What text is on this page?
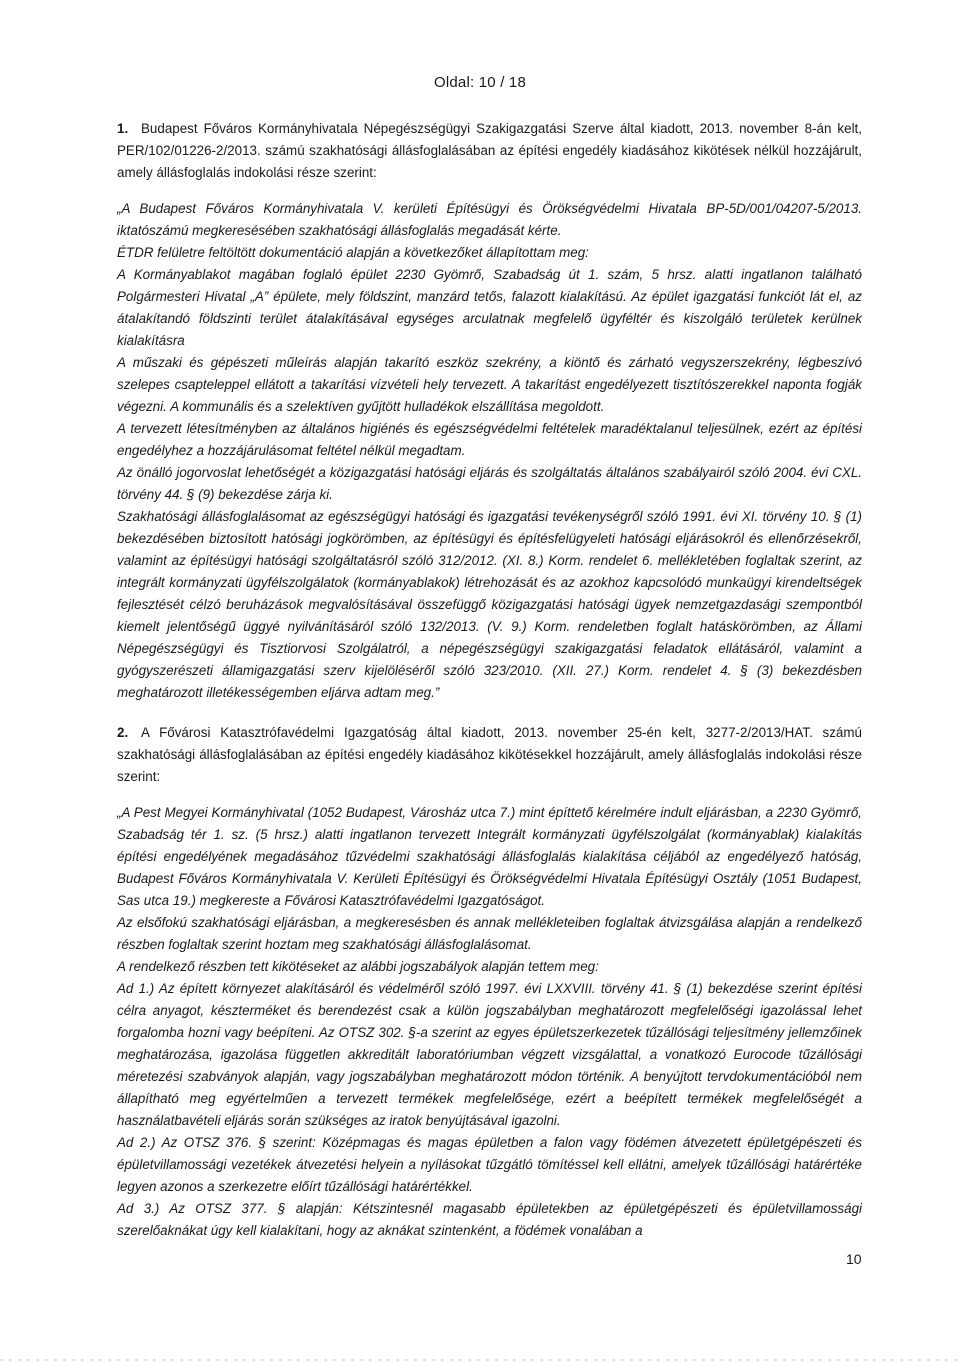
Oldal: 10 / 18

1. Budapest Főváros Kormányhivatala Népegészségügyi Szakigazgatási Szerve által kiadott, 2013. november 8-án kelt, PER/102/01226-2/2013. számú szakhatósági állásfoglalásában az építési engedély kiadásához kikötések nélkül hozzájárult, amely állásfoglalás indokolási része szerint:

„A Budapest Főváros Kormányhivatala V. kerületi Építésügyi és Örökségvédelmi Hivatala BP-5D/001/04207-5/2013. iktatószámú megkeresésében szakhatósági állásfoglalás megadását kérte.

ÉTDR felületre feltöltött dokumentáció alapján a következőket állapítottam meg:

A Kormányablakot magában foglaló épület 2230 Gyömrő, Szabadság út 1. szám, 5 hrsz. alatti ingatlanon található Polgármesteri Hivatal „A” épülete, mely földszint, manzárd tetős, falazott kialakítású. Az épület igazgatási funkciót lát el, az átalakítandó földszinti terület átalakításával egységes arculatnak megfelelő ügyféltér és kiszolgáló területek kerülnek kialakításra

A műszaki és gépészeti műleírás alapján takarító eszköz szekrény, a kiöntő és zárható vegyszerszekrény, légbeszívó szelepes csapteleppel ellátott a takarítási vízvételi hely tervezett. A takarítást engedélyezett tisztítószerekkel naponta fogják végezni. A kommunális és a szelektíven gyűjtött hulladékok elszállítása megoldott.

A tervezett létesítményben az általános higiénés és egészségvédelmi feltételek maradéktalanul teljesülnek, ezért az építési engedélyhez a hozzájárulásomat feltétel nélkül megadtam.

Az önálló jogorvoslat lehetőségét a közigazgatási hatósági eljárás és szolgáltatás általános szabályairól szóló 2004. évi CXL. törvény 44. § (9) bekezdése zárja ki.

Szakhatósági állásfoglalásomat az egészségügyi hatósági és igazgatási tevékenységről szóló 1991. évi XI. törvény 10. § (1) bekezdésében biztosított hatósági jogkörömben, az építésügyi és építésfelügyeleti hatósági eljárásokról és ellenőrzésekről, valamint az építésügyi hatósági szolgáltatásról szóló 312/2012. (XI. 8.) Korm. rendelet 6. mellékletében foglaltak szerint, az integrált kormányzati ügyfélszolgálatok (kormányablakok) létrehozását és az azokhoz kapcsolódó munkaügyi kirendeltségek fejlesztését célzó beruházások megvalósításával összefüggő közigazgatási hatósági ügyek nemzetgazdasági szempontból kiemelt jelentőségű üggyé nyilvánításáról szóló 132/2013. (V. 9.) Korm. rendeletben foglalt hatáskörömben, az Állami Népegészségügyi és Tisztiorvosi Szolgálatról, a népegészségügyi szakigazgatási feladatok ellátásáról, valamint a gyógyszerészeti államigazgatási szerv kijelöléséről szóló 323/2010. (XII. 27.) Korm. rendelet 4. § (3) bekezdésben meghatározott illetékességemben eljárva adtam meg.”

2. A Fővárosi Katasztrófavédelmi Igazgatóság által kiadott, 2013. november 25-én kelt, 3277-2/2013/HAT. számú szakhatósági állásfoglalásában az építési engedély kiadásához kikötésekkel hozzájárult, amely állásfoglalás indokolási része szerint:

„A Pest Megyei Kormányhivatal (1052 Budapest, Városház utca 7.) mint építtető kérelmére indult eljárásban, a 2230 Gyömrő, Szabadság tér 1. sz. (5 hrsz.) alatti ingatlanon tervezett Integrált kormányzati ügyfélszolgálat (kormányablak) kialakítás építési engedélyének megadásához tűzvédelmi szakhatósági állásfoglalás kialakítása céljából az engedélyező hatóság, Budapest Főváros Kormányhivatala V. Kerületi Építésügyi és Örökségvédelmi Hivatala Építésügyi Osztály (1051 Budapest, Sas utca 19.) megkereste a Fővárosi Katasztrófavédelmi Igazgatóságot.

Az elsőfokú szakhatósági eljárásban, a megkeresésben és annak mellékleteiben foglaltak átvizsgálása alapján a rendelkező részben foglaltak szerint hoztam meg szakhatósági állásfoglalásomat.

A rendelkező részben tett kikötéseket az alábbi jogszabályok alapján tettem meg:

Ad 1.) Az épített környezet alakításáról és védelméről szóló 1997. évi LXXVIII. törvény 41. § (1) bekezdése szerint építési célra anyagot, készterméket és berendezést csak a külön jogszabályban meghatározott megfelelőségi igazolással lehet forgalomba hozni vagy beépíteni. Az OTSZ 302. §-a szerint az egyes épületszerkezetek tűzállósági teljesítmény jellemzőinek meghatározása, igazolása független akkreditált laboratóriumban végzett vizsgálattal, a vonatkozó Eurocode tűzállósági méretezési szabványok alapján, vagy jogszabályban meghatározott módon történik. A benyújtott tervdokumentációból nem állapítható meg egyértelműen a tervezett termékek megfelelősége, ezért a beépített termékek megfelelőségét a használatbavételi eljárás során szükséges az iratok benyújtásával igazolni.

Ad 2.) Az OTSZ 376. § szerint: Középmagas és magas épületben a falon vagy födémen átvezetett épületgépészeti és épületvillamossági vezetékek átvezetési helyein a nyílásokat tűzgátló tömítéssel kell ellátni, amelyek tűzállósági határértéke legyen azonos a szerkezetre előírt tűzállósági határértékkel.

Ad 3.) Az OTSZ 377. § alapján: Kétszintesnél magasabb épületekben az épületgépészeti és épületvillamossági szerelőaknákat úgy kell kialakítani, hogy az aknákat szintenként, a födémek vonalában a

10
